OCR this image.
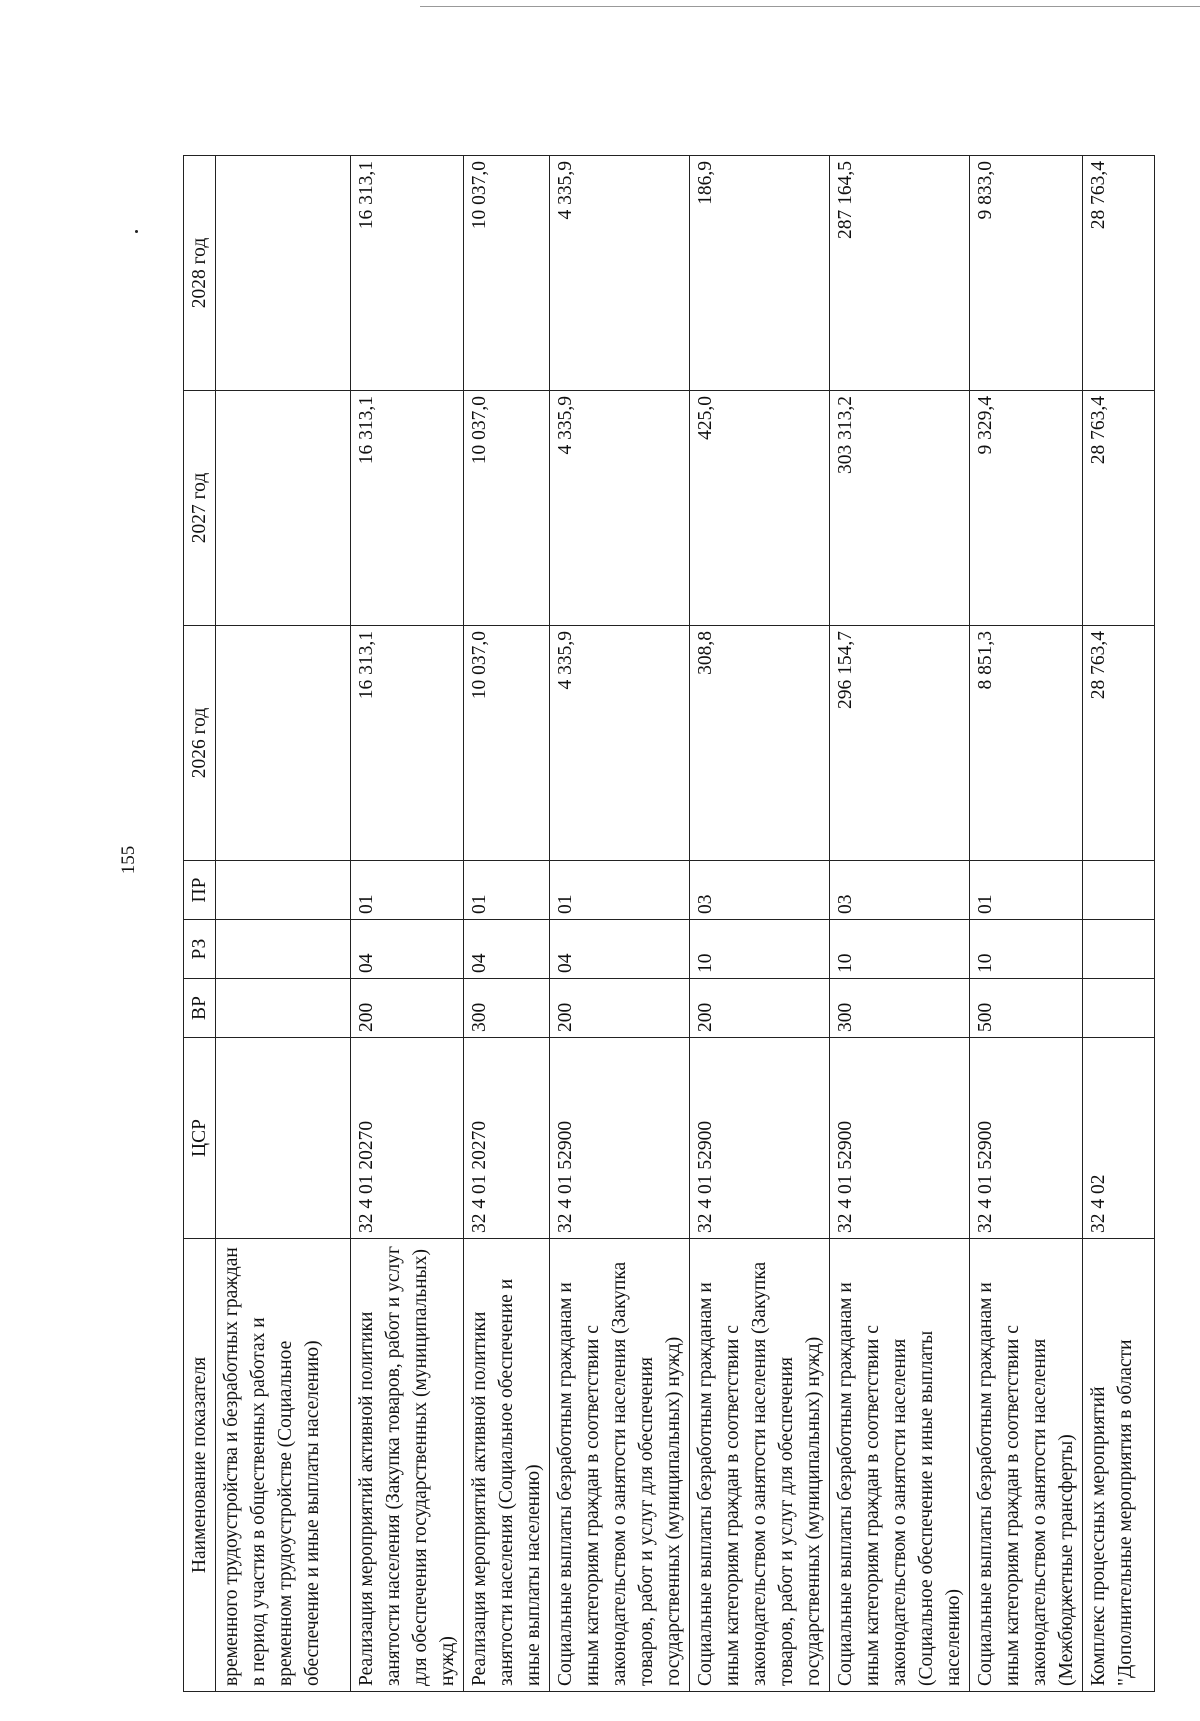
155
Наименование показателя	ЦСР	ВР	РЗ	ПР	2026 год	2027 год	2028 год
временного трудоустройства и безработных граждан в период участия в общественных работах и временном трудоустройстве (Социальное обеспечение и иные выплаты населению)							
Реализация мероприятий активной политики занятости населения (Закупка товаров, работ и услуг для обеспечения государственных (муниципальных) нужд)	32 4 01 20270	200	04	01	16 313,1	16 313,1	16 313,1
Реализация мероприятий активной политики занятости населения (Социальное обеспечение и иные выплаты населению)	32 4 01 20270	300	04	01	10 037,0	10 037,0	10 037,0
Социальные выплаты безработным гражданам и иным категориям граждан в соответствии с законодательством о занятости населения (Закупка товаров, работ и услуг для обеспечения государственных (муниципальных) нужд)	32 4 01 52900	200	04	01	4 335,9	4 335,9	4 335,9
Социальные выплаты безработным гражданам и иным категориям граждан в соответствии с законодательством о занятости населения (Закупка товаров, работ и услуг для обеспечения государственных (муниципальных) нужд)	32 4 01 52900	200	10	03	308,8	425,0	186,9
Социальные выплаты безработным гражданам и иным категориям граждан в соответствии с законодательством о занятости населения (Социальное обеспечение и иные выплаты населению)	32 4 01 52900	300	10	03	296 154,7	303 313,2	287 164,5
Социальные выплаты безработным гражданам и иным категориям граждан в соответствии с законодательством о занятости населения (Межбюджетные трансферты)	32 4 01 52900	500	10	01	8 851,3	9 329,4	9 833,0
Комплекс процессных мероприятий "Дополнительные мероприятия в области	32 4 02				28 763,4	28 763,4	28 763,4
